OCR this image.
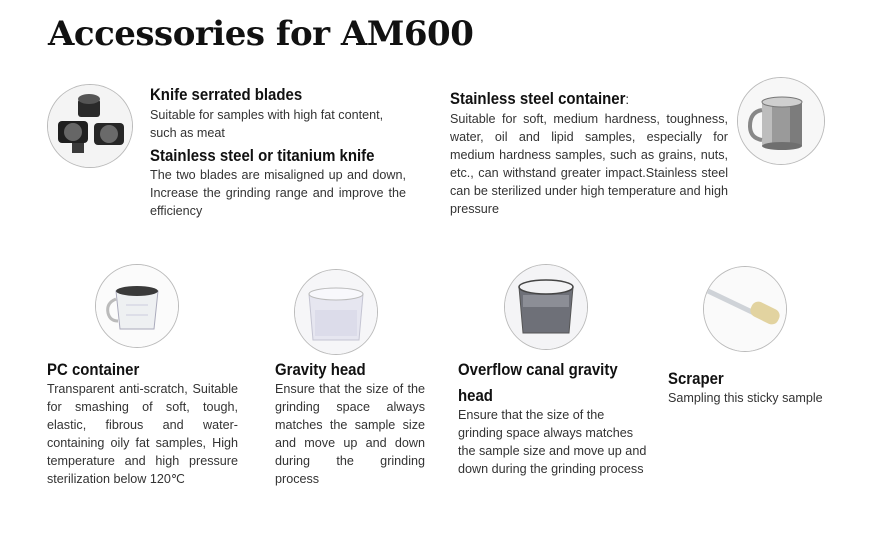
Accessories for AM600
Knife serrated blades

Suitable for samples with high fat content, such as meat

Stainless steel or titanium knife

The two blades are misaligned up and down, Increase the grinding range and improve the efficiency

Stainless steel container:

Suitable for soft, medium hardness, toughness, water, oil and lipid samples, especially for medium hardness samples, such as grains, nuts, etc., can withstand greater impact.Stainless steel can be sterilized under high temperature and high pressure

PC container

Transparent anti-scratch, Suitable for smashing of soft, tough, elastic, fibrous and water-containing oily fat samples, High temperature and high pressure sterilization below 120℃

Gravity head

Ensure that the size of the grinding space always matches the sample size and move up and down during the grinding process

Overflow canal gravity head

Ensure that the size of the grinding space always matches the sample size and move up and down during the grinding process

Scraper

Sampling this sticky sample
